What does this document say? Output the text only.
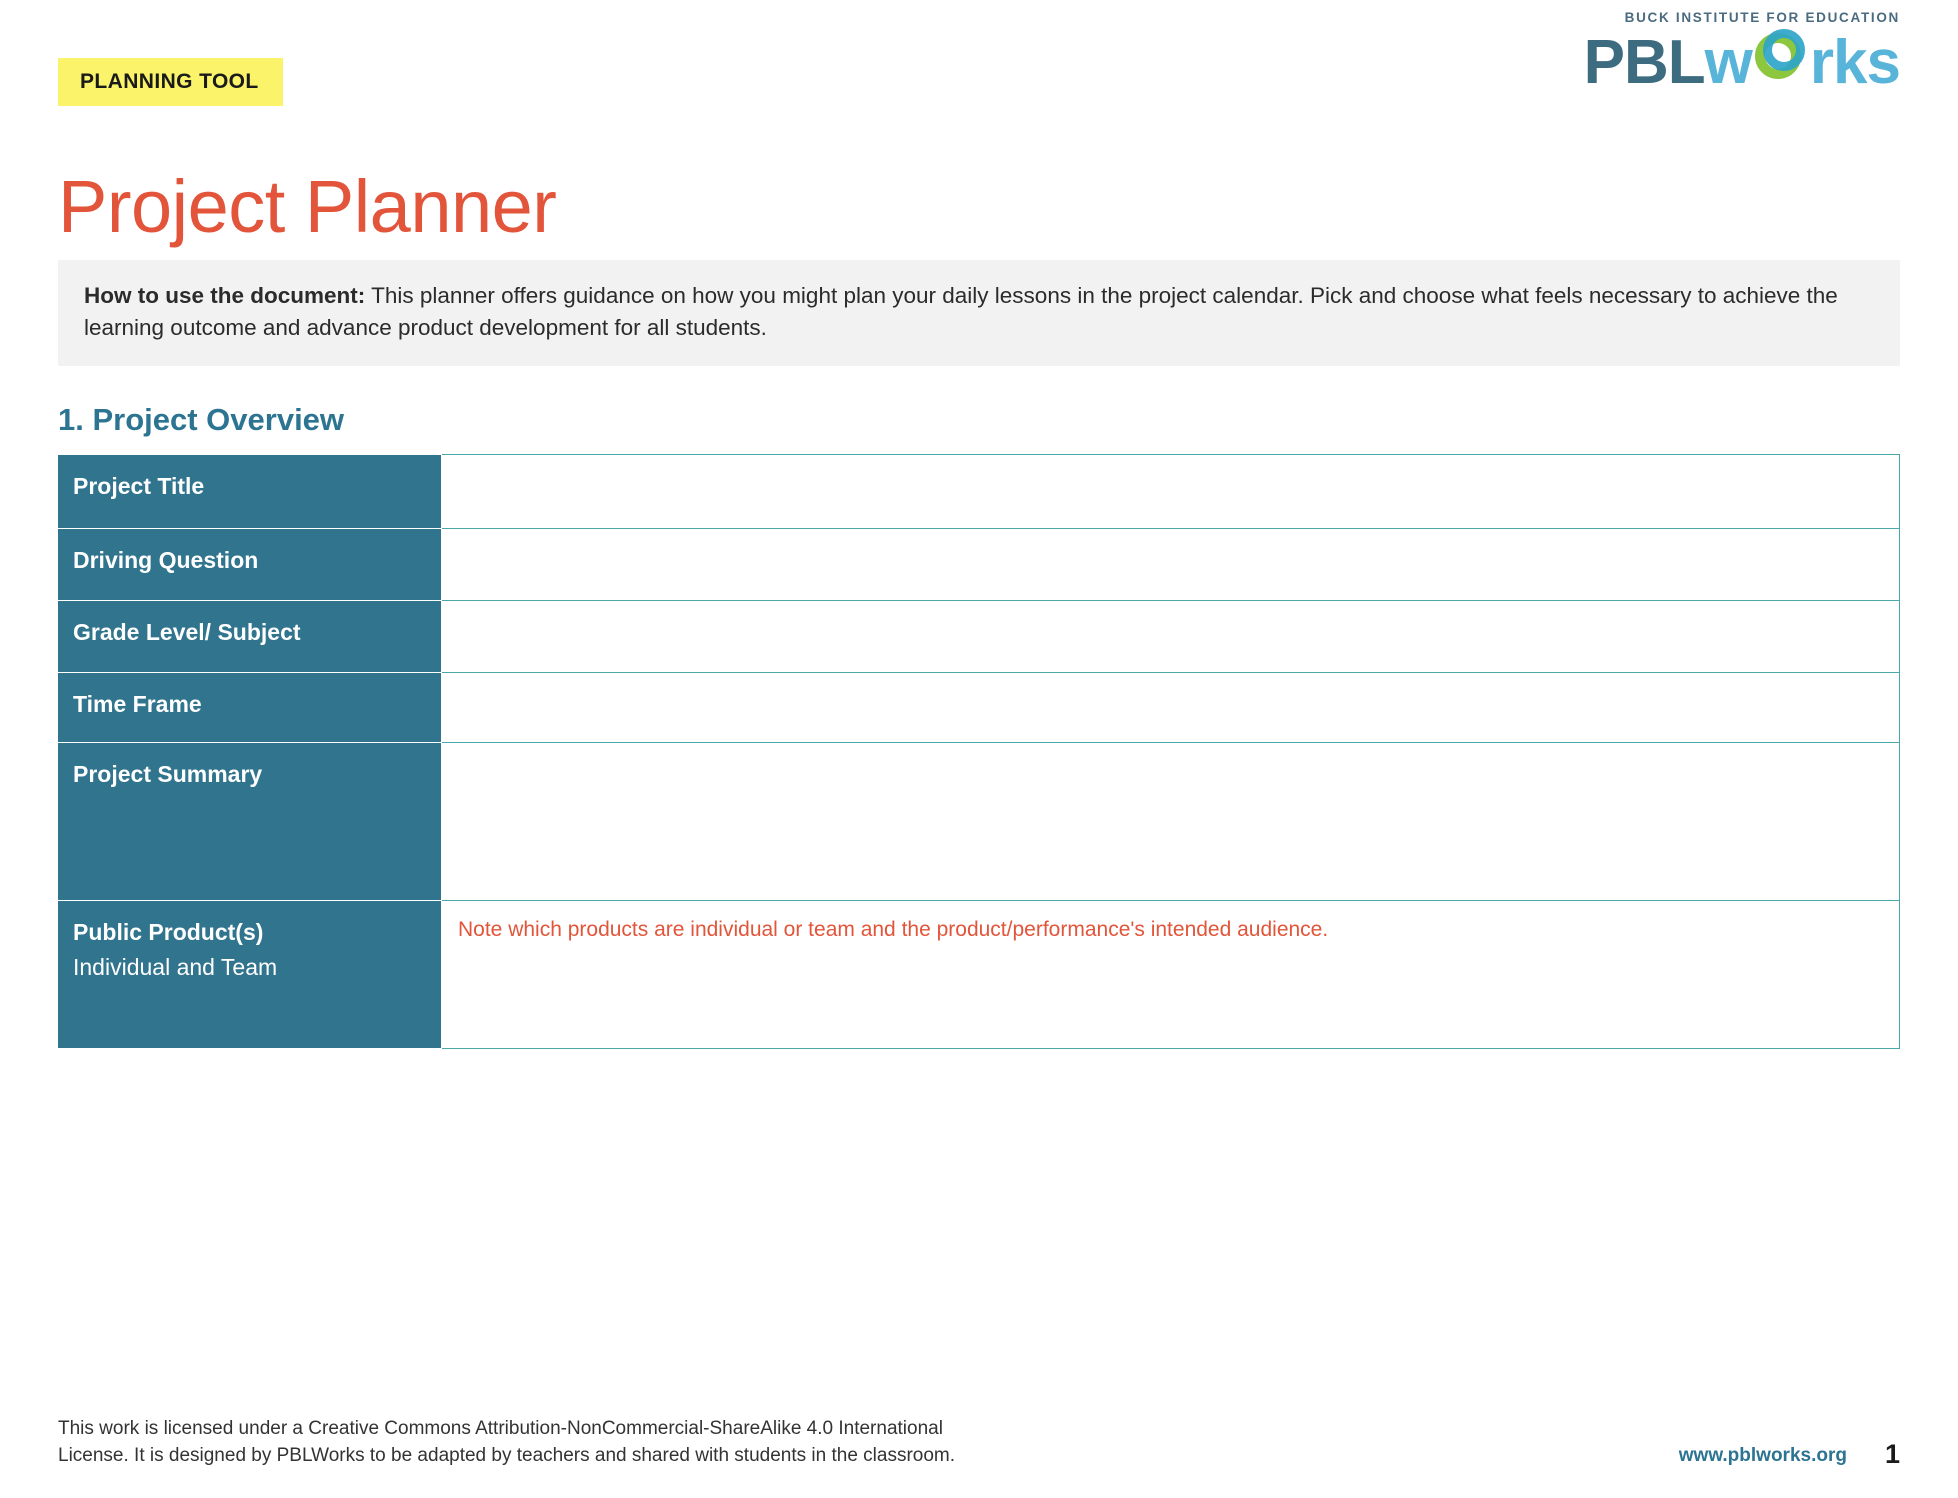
PLANNING TOOL
BUCK INSTITUTE FOR EDUCATION
PBL w rks
Project Planner
How to use the document: This planner offers guidance on how you might plan your daily lessons in the project calendar. Pick and choose what feels necessary to achieve the learning outcome and advance product development for all students.
1. Project Overview
Project Title	
Driving Question	
Grade Level/ Subject	
Time Frame	
Project Summary	
Public Product(s)
Individual and Team	Note which products are individual or team and the product/performance's intended audience.
This work is licensed under a Creative Commons Attribution-NonCommercial-ShareAlike 4.0 International
License. It is designed by PBLWorks to be adapted by teachers and shared with students in the classroom.	www.pblworks.org 1
